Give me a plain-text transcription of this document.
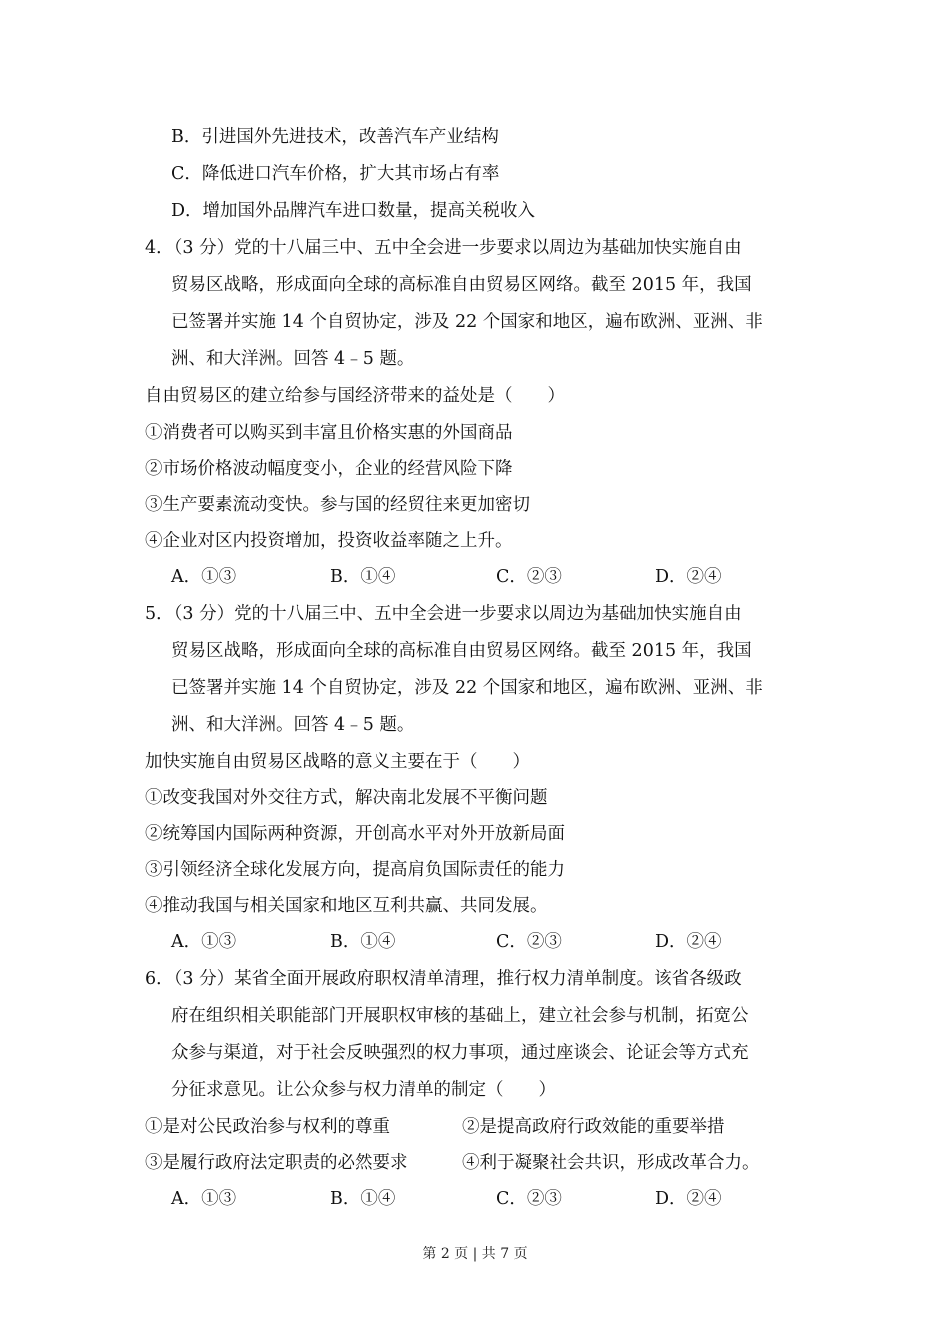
B．引进国外先进技术，改善汽车产业结构
C．降低进口汽车价格，扩大其市场占有率
D．增加国外品牌汽车进口数量，提高关税收入
4．（3 分）党的十八届三中、五中全会进一步要求以周边为基础加快实施自由
贸易区战略，形成面向全球的高标准自由贸易区网络。截至 2015 年，我国
已签署并实施 14 个自贸协定，涉及 22 个国家和地区，遍布欧洲、亚洲、非
洲、和大洋洲。回答 4﹣5 题。
自由贸易区的建立给参与国经济带来的益处是（　　）
①消费者可以购买到丰富且价格实惠的外国商品
②市场价格波动幅度变小，企业的经营风险下降
③生产要素流动变快。参与国的经贸往来更加密切
④企业对区内投资增加，投资收益率随之上升。
A．①③	B．①④	C．②③	D．②④
5．（3 分）党的十八届三中、五中全会进一步要求以周边为基础加快实施自由
贸易区战略，形成面向全球的高标准自由贸易区网络。截至 2015 年，我国
已签署并实施 14 个自贸协定，涉及 22 个国家和地区，遍布欧洲、亚洲、非
洲、和大洋洲。回答 4﹣5 题。
加快实施自由贸易区战略的意义主要在于（　　）
①改变我国对外交往方式，解决南北发展不平衡问题
②统筹国内国际两种资源，开创高水平对外开放新局面
③引领经济全球化发展方向，提高肩负国际责任的能力
④推动我国与相关国家和地区互利共赢、共同发展。
A．①③	B．①④	C．②③	D．②④
6．（3 分）某省全面开展政府职权清单清理，推行权力清单制度。该省各级政
府在组织相关职能部门开展职权审核的基础上，建立社会参与机制，拓宽公
众参与渠道，对于社会反映强烈的权力事项，通过座谈会、论证会等方式充
分征求意见。让公众参与权力清单的制定（　　）
①是对公民政治参与权利的尊重	②是提高政府行政效能的重要举措
③是履行政府法定职责的必然要求	④利于凝聚社会共识，形成改革合力。
A．①③	B．①④	C．②③	D．②④
第 2 页 | 共 7 页
